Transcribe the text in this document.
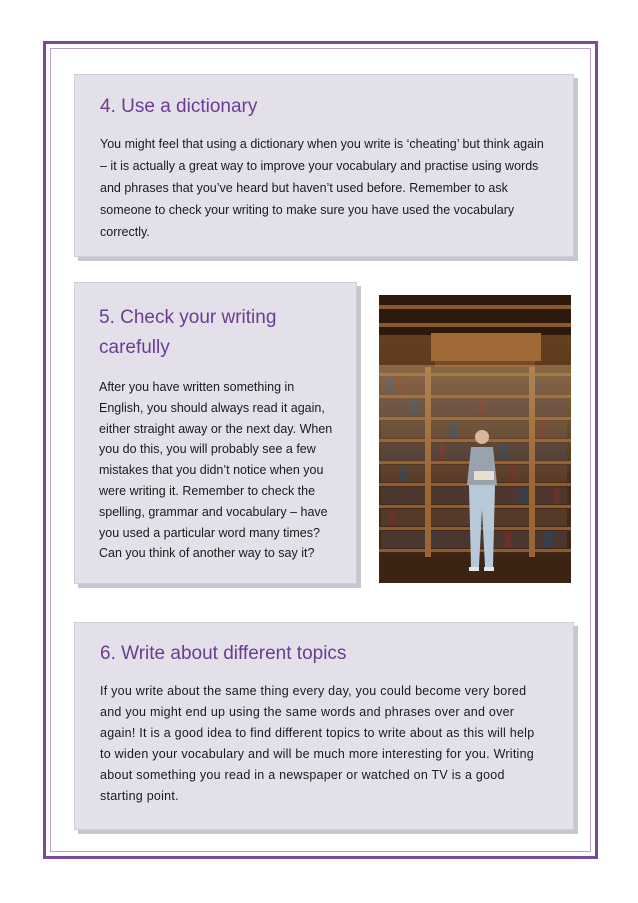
4. Use a dictionary

You might feel that using a dictionary when you write is ‘cheating’ but think again – it is actually a great way to improve your vocabulary and practise using words and phrases that you’ve heard but haven’t used before. Remember to ask someone to check your writing to make sure you have used the vocabulary correctly.

5. Check your writing carefully

After you have written something in English, you should always read it again, either straight away or the next day. When you do this, you will probably see a few mistakes that you didn’t notice when you were writing it. Remember to check the spelling, grammar and vocabulary – have you used a particular word many times? Can you think of another way to say it?

6. Write about different topics

If you write about the same thing every day, you could become very bored and you might end up using the same words and phrases over and over again! It is a good idea to find different topics to write about as this will help to widen your vocabulary and will be much more interesting for you. Writing about something you read in a newspaper or watched on TV is a good starting point.
